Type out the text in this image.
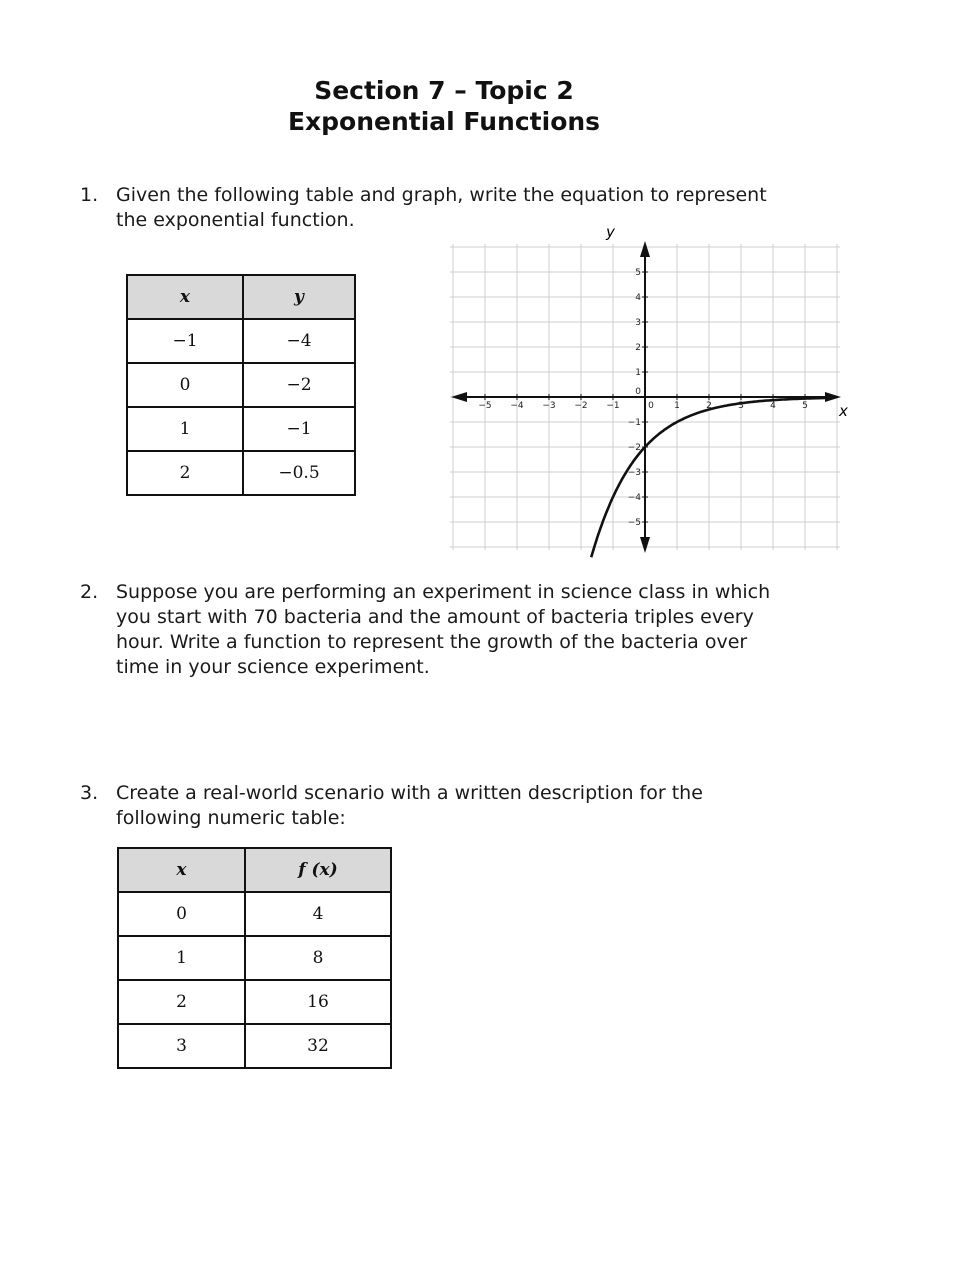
Section 7 – Topic 2
Exponential Functions
1. Given the following table and graph, write the equation to represent
the exponential function.
x	y
−1	−4
0	−2
1	−1
2	−0.5
−5 −4 −3 −2 −1	0 1	2	3	4	5
5
4
3
2
1
0
−1
−2
−3
−4
−5
x
y
2. Suppose you are performing an experiment in science class in which
you start with 70 bacteria and the amount of bacteria triples every
hour. Write a function to represent the growth of the bacteria over
time in your science experiment.
3. Create a real-world scenario with a written description for the
following numeric table:
x	f (x)
0	4
1	8
2	16
3	32
